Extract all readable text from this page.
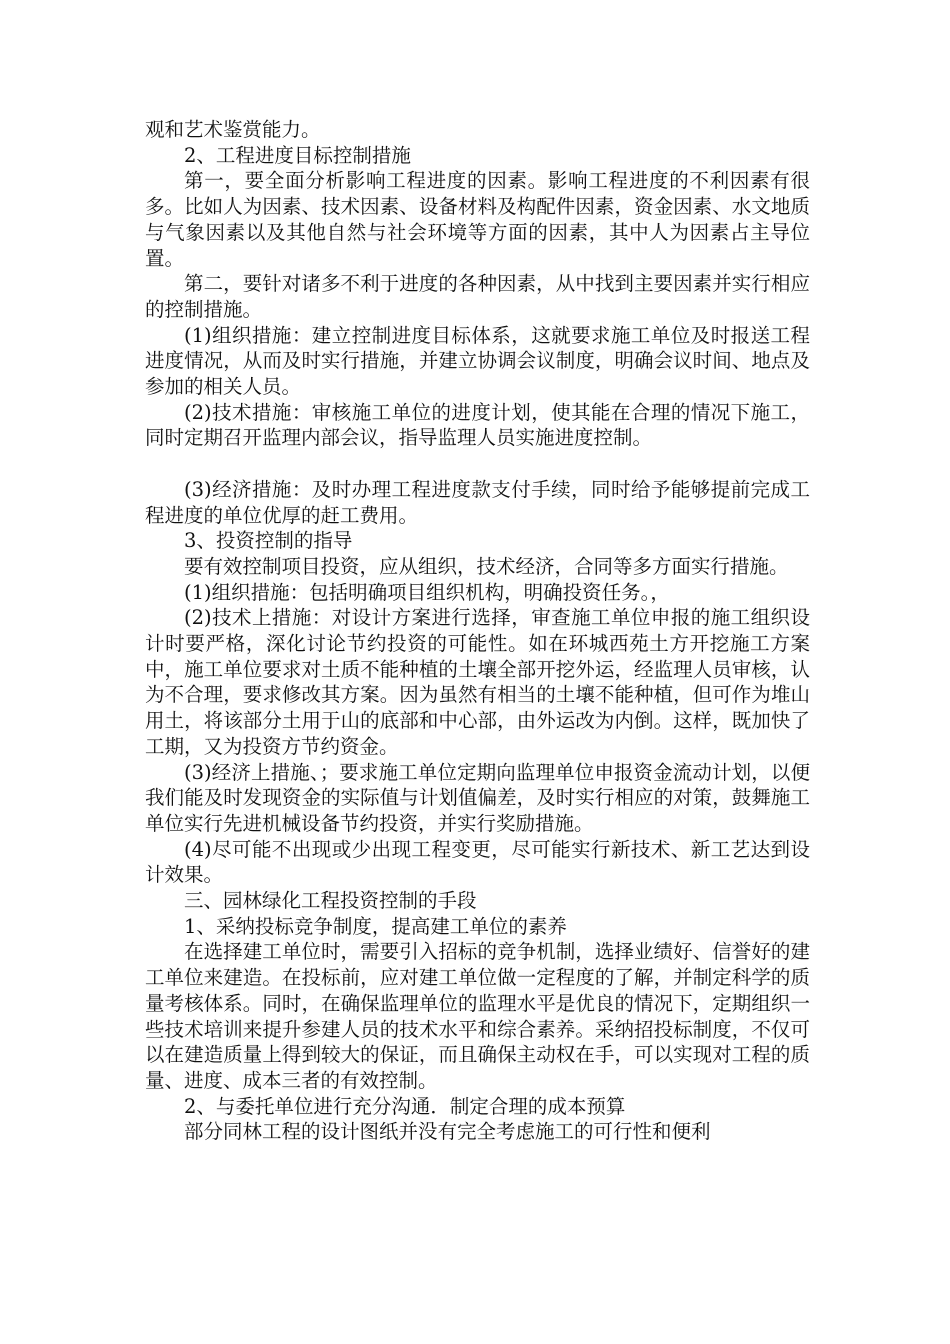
观和艺术鉴赏能力。

2、工程进度目标控制措施

第一，要全面分析影响工程进度的因素。影响工程进度的不利因素有很多。比如人为因素、技术因素、设备材料及构配件因素，资金因素、水文地质与气象因素以及其他自然与社会环境等方面的因素，其中人为因素占主导位置。

第二，要针对诸多不利于进度的各种因素，从中找到主要因素并实行相应的控制措施。

(1)组织措施：建立控制进度目标体系，这就要求施工单位及时报送工程进度情况，从而及时实行措施，并建立协调会议制度，明确会议时间、地点及参加的相关人员。

(2)技术措施：审核施工单位的进度计划，使其能在合理的情况下施工，同时定期召开监理内部会议，指导监理人员实施进度控制。

(3)经济措施：及时办理工程进度款支付手续，同时给予能够提前完成工程进度的单位优厚的赶工费用。

3、投资控制的指导

要有效控制项目投资，应从组织，技术经济，合同等多方面实行措施。

(1)组织措施：包括明确项目组织机构，明确投资任务。，

(2)技术上措施：对设计方案进行选择，审查施工单位申报的施工组织设计时要严格，深化讨论节约投资的可能性。如在环城西苑土方开挖施工方案中，施工单位要求对土质不能种植的土壤全部开挖外运，经监理人员审核，认为不合理，要求修改其方案。因为虽然有相当的土壤不能种植，但可作为堆山用土，将该部分土用于山的底部和中心部，由外运改为内倒。这样，既加快了工期，又为投资方节约资金。

(3)经济上措施、；要求施工单位定期向监理单位申报资金流动计划，以便我们能及时发现资金的实际值与计划值偏差，及时实行相应的对策，鼓舞施工单位实行先进机械设备节约投资，并实行奖励措施。

(4)尽可能不出现或少出现工程变更，尽可能实行新技术、新工艺达到设计效果。

三、园林绿化工程投资控制的手段

1、采纳投标竞争制度，提高建工单位的素养

在选择建工单位时，需要引入招标的竞争机制，选择业绩好、信誉好的建工单位来建造。在投标前，应对建工单位做一定程度的了解，并制定科学的质量考核体系。同时，在确保监理单位的监理水平是优良的情况下，定期组织一些技术培训来提升参建人员的技术水平和综合素养。采纳招投标制度，不仅可以在建造质量上得到较大的保证，而且确保主动权在手，可以实现对工程的质量、进度、成本三者的有效控制。

2、与委托单位进行充分沟通．制定合理的成本预算

部分同林工程的设计图纸并没有完全考虑施工的可行性和便利
